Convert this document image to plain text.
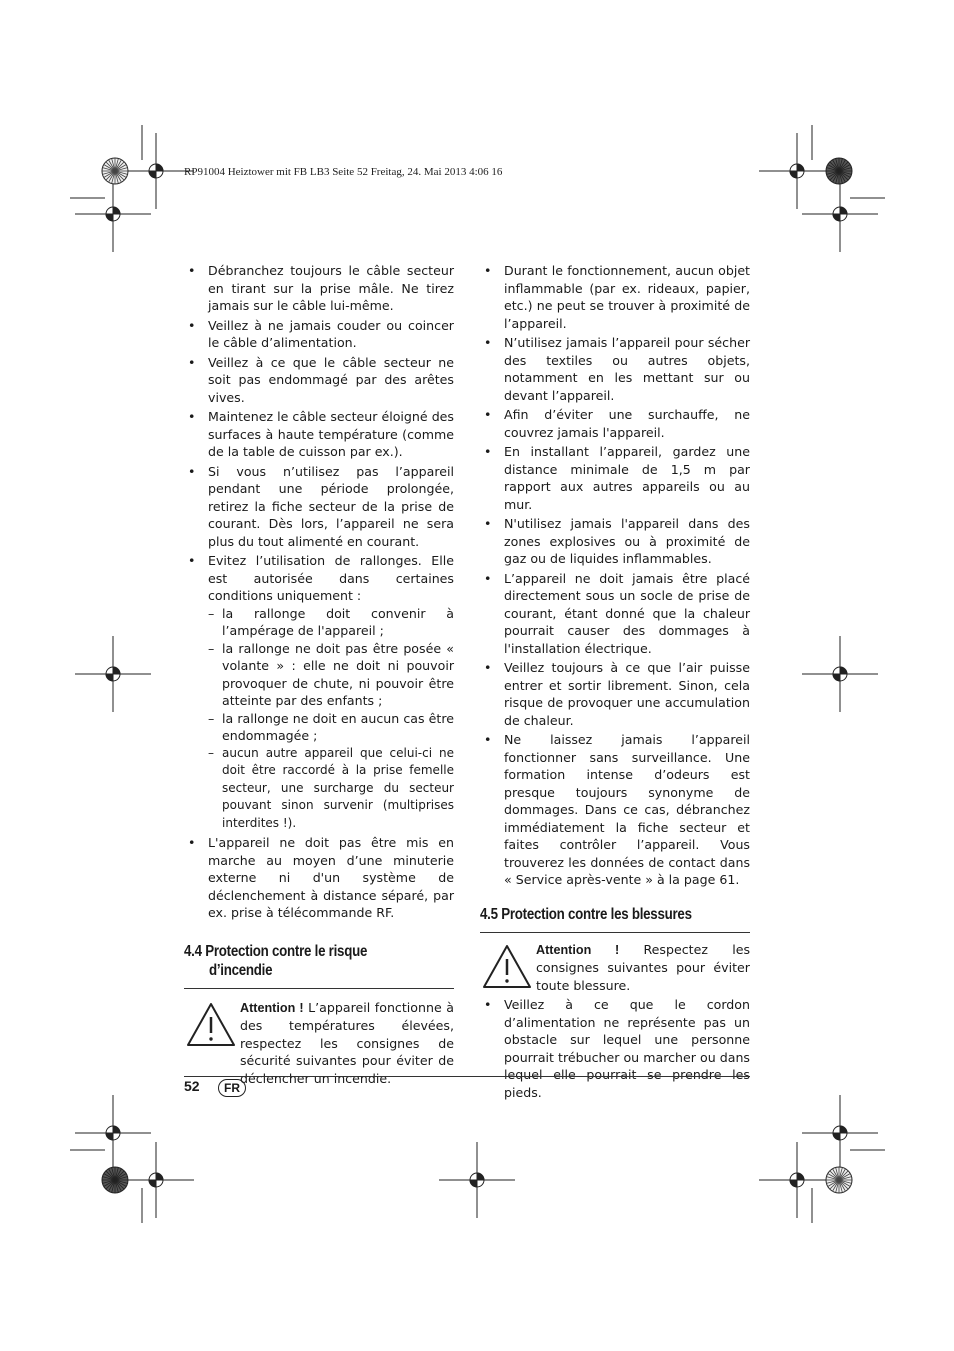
RP91004 Heiztower mit FB LB3 Seite 52 Freitag, 24. Mai 2013 4:06 16
• Débranchez toujours le câble secteur en tirant sur la prise mâle. Ne tirez jamais sur le câble lui-même.
• Veillez à ne jamais couder ou coincer le câble d’alimentation.
• Veillez à ce que le câble secteur ne soit pas endommagé par des arêtes vives.
• Maintenez le câble secteur éloigné des surfaces à haute température (comme de la table de cuisson par ex.).
• Si vous n’utilisez pas l’appareil pendant une période prolongée, retirez la fiche secteur de la prise de courant. Dès lors, l’appareil ne sera plus du tout alimenté en courant.
• Evitez l’utilisation de rallonges. Elle est autorisée dans certaines conditions uniquement :
– la rallonge doit convenir à l’ampérage de l'appareil ;
– la rallonge ne doit pas être posée « volante » : elle ne doit ni pouvoir provoquer de chute, ni pouvoir être atteinte par des enfants ;
– la rallonge ne doit en aucun cas être endommagée ;
– aucun autre appareil que celui-ci ne doit être raccordé à la prise femelle secteur, une surcharge du secteur pouvant sinon survenir (multiprises interdites !).
• L'appareil ne doit pas être mis en marche au moyen d’une minuterie externe ni d'un système de déclenchement à distance séparé, par ex. prise à télécommande RF.
4.4 Protection contre le risque
d’incendie
Attention ! L’appareil fonctionne à des températures élevées, respectez les consignes de sécurité suivantes pour éviter de déclencher un incendie.
• Durant le fonctionnement, aucun objet inflammable (par ex. rideaux, papier, etc.) ne peut se trouver à proximité de l’appareil.
• N’utilisez jamais l’appareil pour sécher des textiles ou autres objets, notamment en les mettant sur ou devant l’appareil.
• Afin d’éviter une surchauffe, ne couvrez jamais l'appareil.
• En installant l’appareil, gardez une distance minimale de 1,5 m par rapport aux autres appareils ou au mur.
• N'utilisez jamais l'appareil dans des zones explosives ou à proximité de gaz ou de liquides inflammables.
• L’appareil ne doit jamais être placé directement sous un socle de prise de courant, étant donné que la chaleur pourrait causer des dommages à l'installation électrique.
• Veillez toujours à ce que l’air puisse entrer et sortir librement. Sinon, cela risque de provoquer une accumulation de chaleur.
• Ne laissez jamais l’appareil fonctionner sans surveillance. Une formation intense d’odeurs est presque toujours synonyme de dommages. Dans ce cas, débranchez immédiatement la fiche secteur et faites contrôler l’appareil. Vous trouverez les données de contact dans « Service après-vente » à la page 61.
4.5 Protection contre les blessures
Attention ! Respectez les consignes suivantes pour éviter toute blessure.
• Veillez à ce que le cordon d’alimentation ne représente pas un obstacle sur lequel une personne pourrait trébucher ou marcher ou dans lequel elle pourrait se prendre les pieds.
52	FR
